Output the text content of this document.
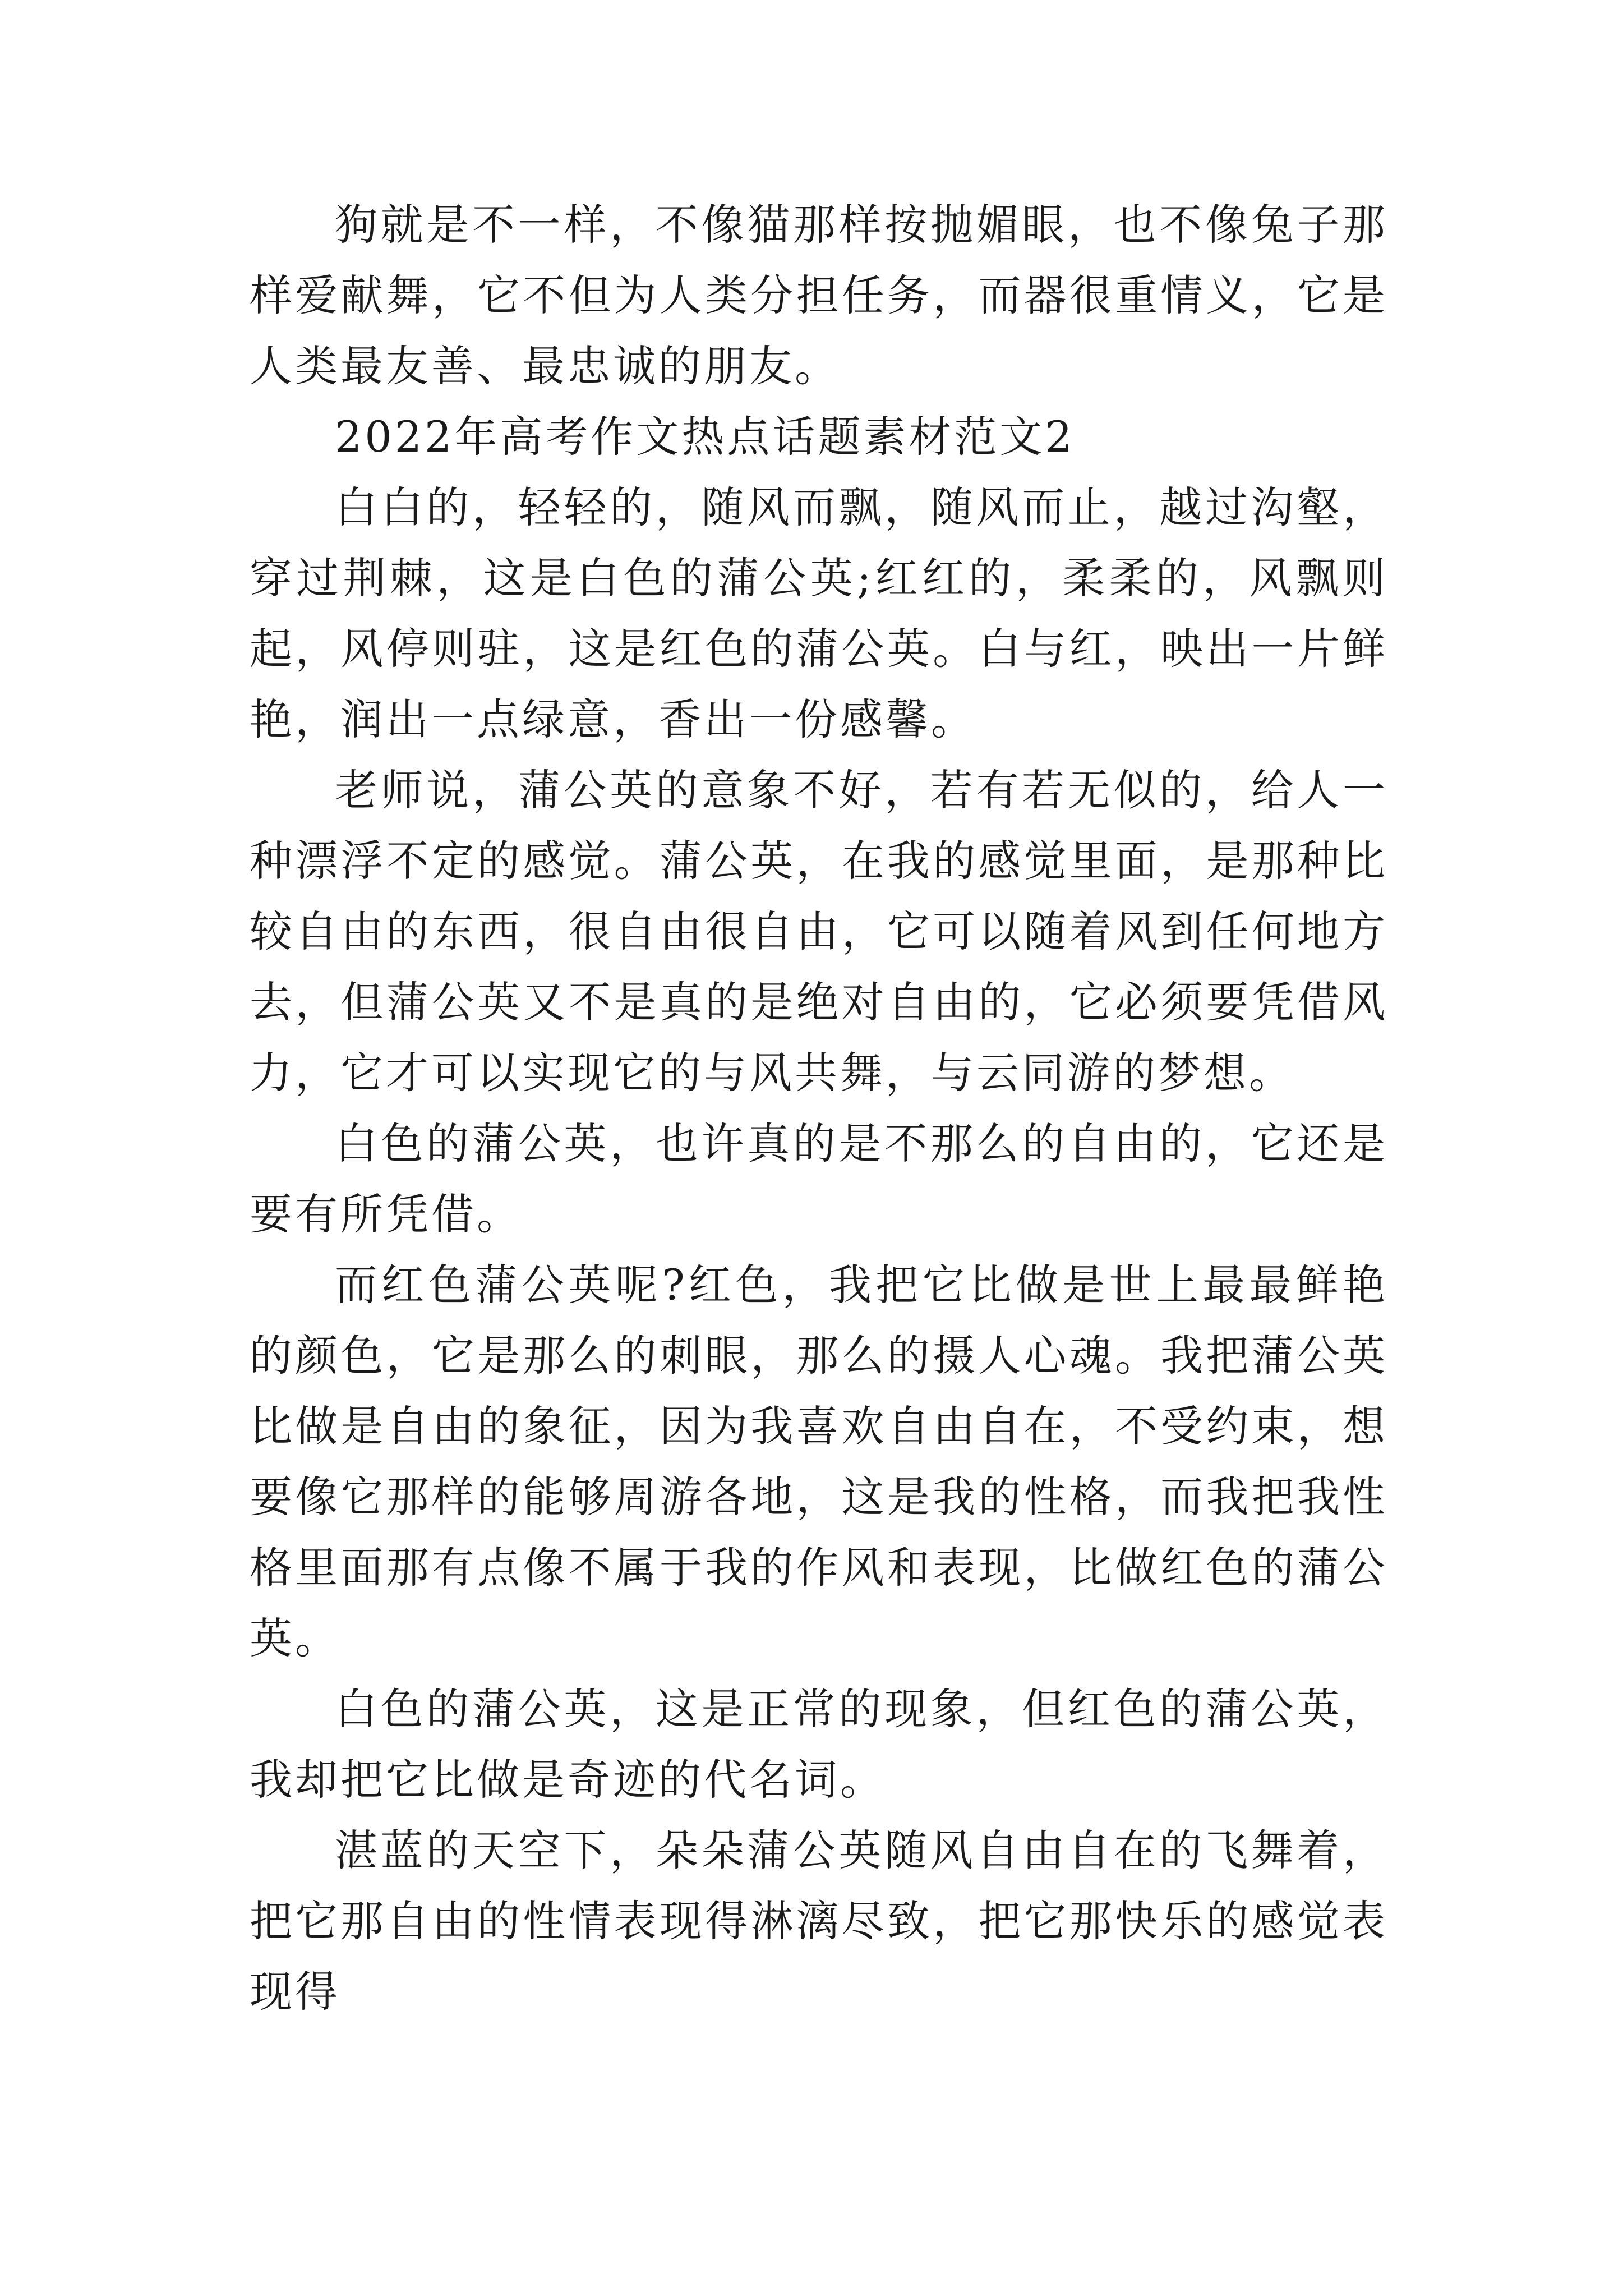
狗就是不一样，不像猫那样按抛媚眼，也不像兔子那样爱献舞，它不但为人类分担任务，而器很重情义，它是人类最友善、最忠诚的朋友。

2022年高考作文热点话题素材范文2

白白的，轻轻的，随风而飘，随风而止，越过沟壑，穿过荆棘，这是白色的蒲公英;红红的，柔柔的，风飘则起，风停则驻，这是红色的蒲公英。白与红，映出一片鲜艳，润出一点绿意，香出一份感馨。

老师说，蒲公英的意象不好，若有若无似的，给人一种漂浮不定的感觉。蒲公英，在我的感觉里面，是那种比较自由的东西，很自由很自由，它可以随着风到任何地方去，但蒲公英又不是真的是绝对自由的，它必须要凭借风力，它才可以实现它的与风共舞，与云同游的梦想。

白色的蒲公英，也许真的是不那么的自由的，它还是要有所凭借。

而红色蒲公英呢?红色，我把它比做是世上最最鲜艳的颜色，它是那么的刺眼，那么的摄人心魂。我把蒲公英比做是自由的象征，因为我喜欢自由自在，不受约束，想要像它那样的能够周游各地，这是我的性格，而我把我性格里面那有点像不属于我的作风和表现，比做红色的蒲公英。

白色的蒲公英，这是正常的现象，但红色的蒲公英，我却把它比做是奇迹的代名词。

湛蓝的天空下，朵朵蒲公英随风自由自在的飞舞着，把它那自由的性情表现得淋漓尽致，把它那快乐的感觉表现得
